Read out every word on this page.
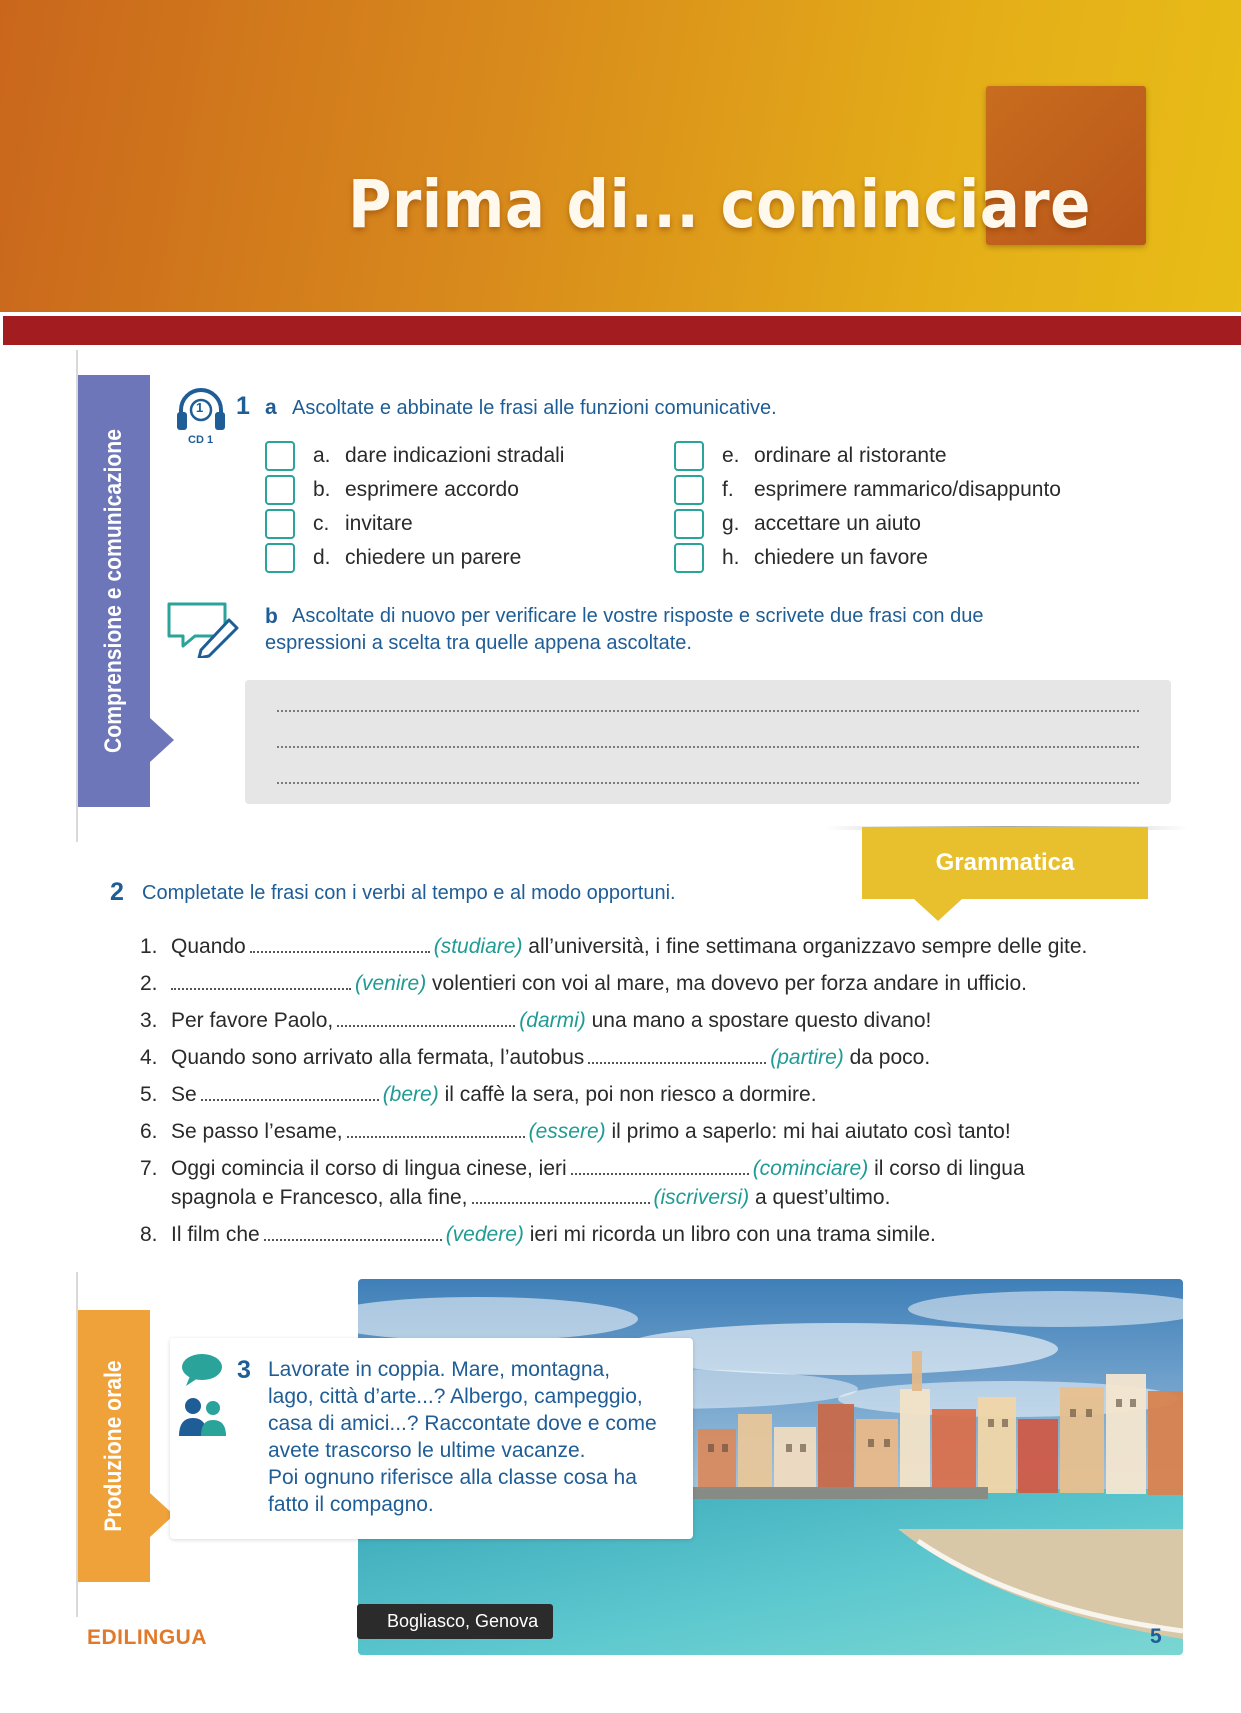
Prima di... cominciare
Comprensione e comunicazione
1
CD 1
1 a Ascoltate e abbinate le frasi alle funzioni comunicative.
a. dare indicazioni stradali
b. esprimere accordo
c. invitare
d. chiedere un parere
e. ordinare al ristorante
f. esprimere rammarico/disappunto
g. accettare un aiuto
h. chiedere un favore
b Ascoltate di nuovo per verificare le vostre risposte e scrivete due frasi con due
espressioni a scelta tra quelle appena ascoltate.
Grammatica
2 Completate le frasi con i verbi al tempo e al modo opportuni.
1. Quando	(studiare) all’università, i fine settimana organizzavo sempre delle gite.
2.	(venire) volentieri con voi al mare, ma dovevo per forza andare in ufficio.
3. Per favore Paolo,	(darmi) una mano a spostare questo divano!
4. Quando sono arrivato alla fermata, l’autobus	(partire) da poco.
5. Se	(bere) il caffè la sera, poi non riesco a dormire.
6. Se passo l’esame,	(essere) il primo a saperlo: mi hai aiutato così tanto!
7. Oggi comincia il corso di lingua cinese, ieri	(cominciare) il corso di lingua
spagnola e Francesco, alla fine,	(iscriversi) a quest’ultimo.
8. Il film che	(vedere) ieri mi ricorda un libro con una trama simile.
Produzione orale	3 Lavorate in coppia. Mare, montagna,
lago, città d’arte...? Albergo, campeggio,
casa di amici...? Raccontate dove e come
avete trascorso le ultime vacanze.
Poi ognuno riferisce alla classe cosa ha
fatto il compagno.
Bogliasco, Genova
EDILINGUA	5
